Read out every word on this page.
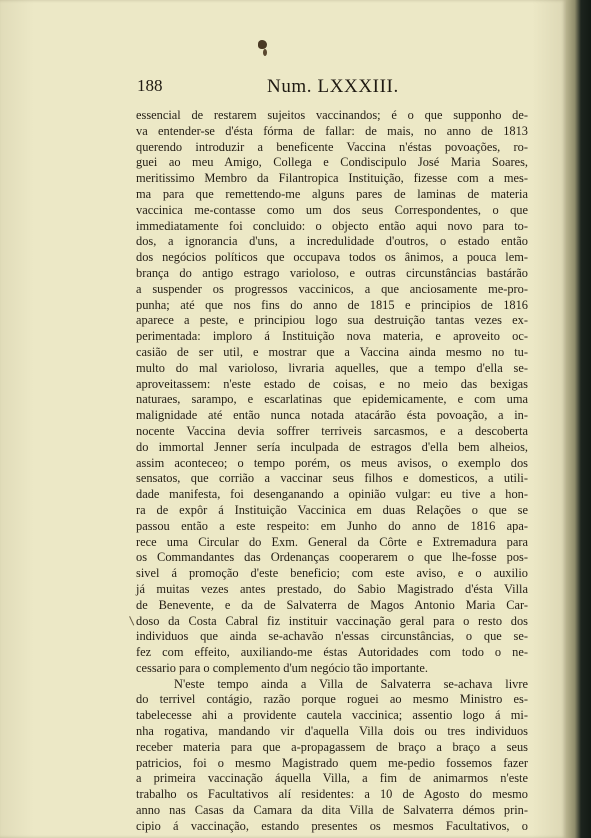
188	Num. LXXXIII.
essencial de restarem sujeitos vaccinandos; é o que supponho de-
va entender-se d'ésta fórma de fallar: de mais, no anno de 1813
querendo introduzir a beneficente Vaccina n'éstas povoações, ro-
guei ao meu Amigo, Collega e Condiscipulo José Maria Soares,
meritissimo Membro da Filantropica Instituição, fizesse com a mes-
ma para que remettendo-me alguns pares de laminas de materia
vaccinica me-contasse como um dos seus Correspondentes, o que
immediatamente foi concluido: o objecto então aqui novo para to-
dos, a ignorancia d'uns, a incredulidade d'outros, o estado então
dos negócios políticos que occupava todos os ânimos, a pouca lem-
brança do antigo estrago varioloso, e outras circunstâncias bastárão
a suspender os progressos vaccinicos, a que anciosamente me-pro-
punha; até que nos fins do anno de 1815 e principios de 1816
aparece a peste, e principiou logo sua destruição tantas vezes ex-
perimentada: imploro á Instituição nova materia, e aproveito oc-
casião de ser util, e mostrar que a Vaccina ainda mesmo no tu-
multo do mal varioloso, livraria aquelles, que a tempo d'ella se-
aproveitassem: n'este estado de coisas, e no meio das bexigas
naturaes, sarampo, e escarlatinas que epidemicamente, e com uma
malignidade até então nunca notada atacárão ésta povoação, a in-
nocente Vaccina devia soffrer terriveis sarcasmos, e a descoberta
do immortal Jenner sería inculpada de estragos d'ella bem alheios,
assim aconteceo; o tempo porém, os meus avisos, o exemplo dos
sensatos, que corrião a vaccinar seus filhos e domesticos, a utili-
dade manifesta, foi desenganando a opinião vulgar: eu tive a hon-
ra de expôr á Instituição Vaccinica em duas Relações o que se
passou então a este respeito: em Junho do anno de 1816 apa-
rece uma Circular do Exm. General da Côrte e Extremadura para
os Commandantes das Ordenanças cooperarem o que lhe-fosse pos-
sivel á promoção d'este beneficio; com este aviso, e o auxilio
já muitas vezes antes prestado, do Sabio Magistrado d'ésta Villa
de Benevente, e da de Salvaterra de Magos Antonio Maria Car-
doso da Costa Cabral fiz instituir vaccinação geral para o resto dos
individuos que ainda se-achavão n'essas circunstâncias, o que se-
fez com effeito, auxiliando-me éstas Autoridades com todo o ne-
cessario para o complemento d'um negócio tão importante.
N'este tempo ainda a Villa de Salvaterra se-achava livre
do terrivel contágio, razão porque roguei ao mesmo Ministro es-
tabelecesse ahi a providente cautela vaccinica; assentio logo á mi-
nha rogativa, mandando vir d'aquella Villa dois ou tres individuos
receber materia para que a-propagassem de braço a braço a seus
patricios, foi o mesmo Magistrado quem me-pedio fossemos fazer
a primeira vaccinação áquella Villa, a fim de animarmos n'este
trabalho os Facultativos alí residentes: a 10 de Agosto do mesmo
anno nas Casas da Camara da dita Villa de Salvaterra démos prin-
cipio á vaccinação, estando presentes os mesmos Facultativos, o
